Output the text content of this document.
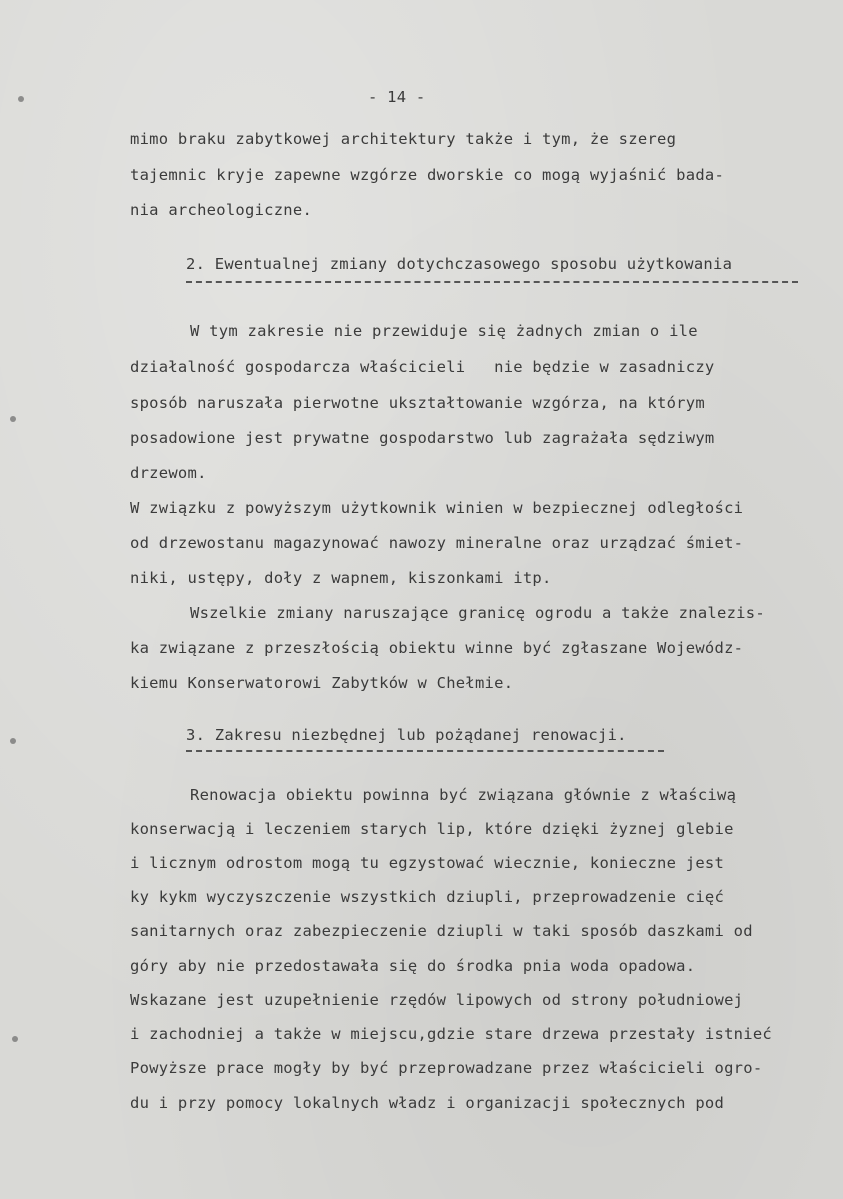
- 14 -
mimo braku zabytkowej architektury także i tym, że szereg
tajemnic kryje zapewne wzgórze dworskie co mogą wyjaśnić bada-
nia archeologiczne.
2. Ewentualnej zmiany dotychczasowego sposobu użytkowania
W tym zakresie nie przewiduje się żadnych zmian o ile
działalność gospodarcza właścicieli   nie będzie w zasadniczy
sposób naruszała pierwotne ukształtowanie wzgórza, na którym
posadowione jest prywatne gospodarstwo lub zagrażała sędziwym
drzewom.
W związku z powyższym użytkownik winien w bezpiecznej odległości
od drzewostanu magazynować nawozy mineralne oraz urządzać śmiet-
niki, ustępy, doły z wapnem, kiszonkami itp.
Wszelkie zmiany naruszające granicę ogrodu a także znalezis-
ka związane z przeszłością obiektu winne być zgłaszane Wojewódz-
kiemu Konserwatorowi Zabytków w Chełmie.
3. Zakresu niezbędnej lub pożądanej renowacji.
Renowacja obiektu powinna być związana głównie z właściwą
konserwacją i leczeniem starych lip, które dzięki żyznej glebie
i licznym odrostom mogą tu egzystować wiecznie, konieczne jest
ky kykm wyczyszczenie wszystkich dziupli, przeprowadzenie cięć
sanitarnych oraz zabezpieczenie dziupli w taki sposób daszkami od
góry aby nie przedostawała się do środka pnia woda opadowa.
Wskazane jest uzupełnienie rzędów lipowych od strony południowej
i zachodniej a także w miejscu,gdzie stare drzewa przestały istnieć
Powyższe prace mogły by być przeprowadzane przez właścicieli ogro-
du i przy pomocy lokalnych władz i organizacji społecznych pod
